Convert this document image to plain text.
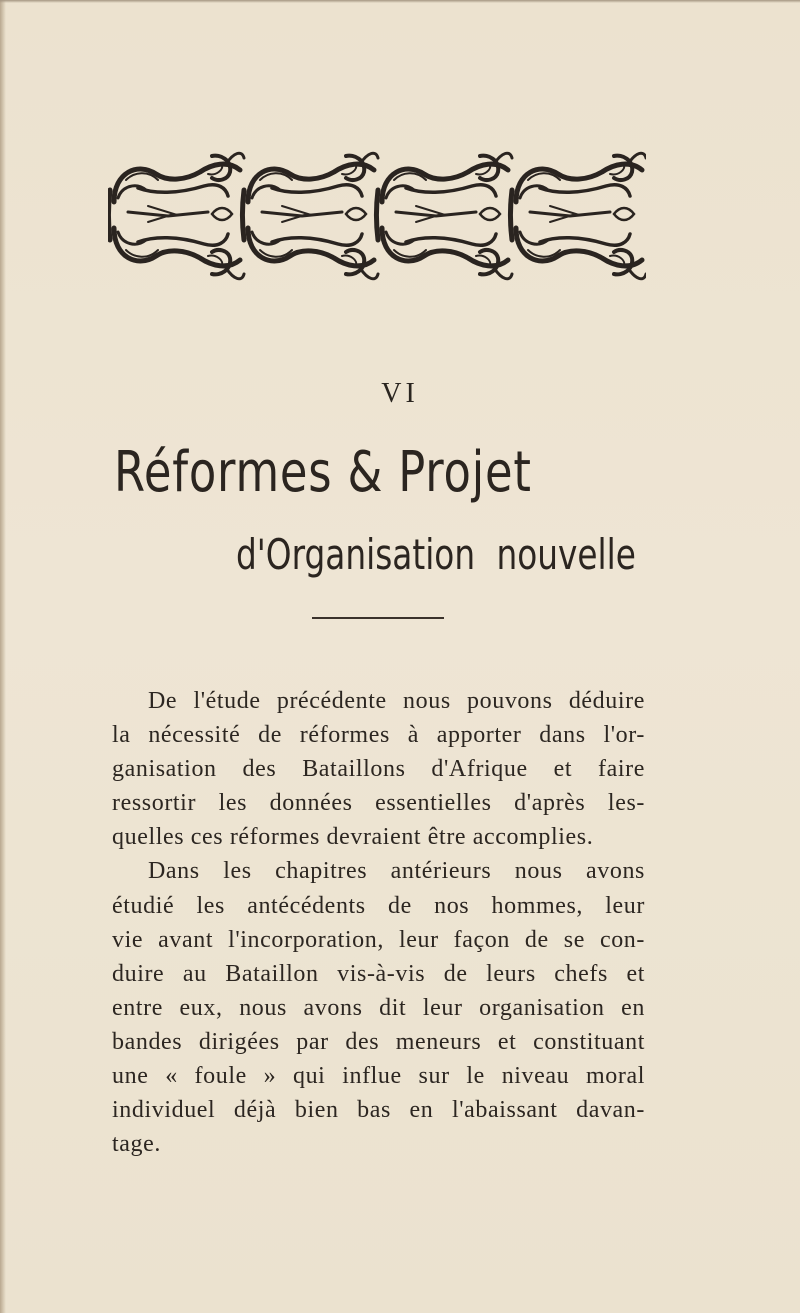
VI
Réformes & Projet
d'Organisation nouvelle
De l'étude précédente nous pouvons déduire
la nécessité de réformes à apporter dans l'or-
ganisation des Bataillons d'Afrique et faire
ressortir les données essentielles d'après les-
quelles ces réformes devraient être accomplies.
Dans les chapitres antérieurs nous avons
étudié les antécédents de nos hommes, leur
vie avant l'incorporation, leur façon de se con-
duire au Bataillon vis-à-vis de leurs chefs et
entre eux, nous avons dit leur organisation en
bandes dirigées par des meneurs et constituant
une « foule » qui influe sur le niveau moral
individuel déjà bien bas en l'abaissant davan-
tage.
